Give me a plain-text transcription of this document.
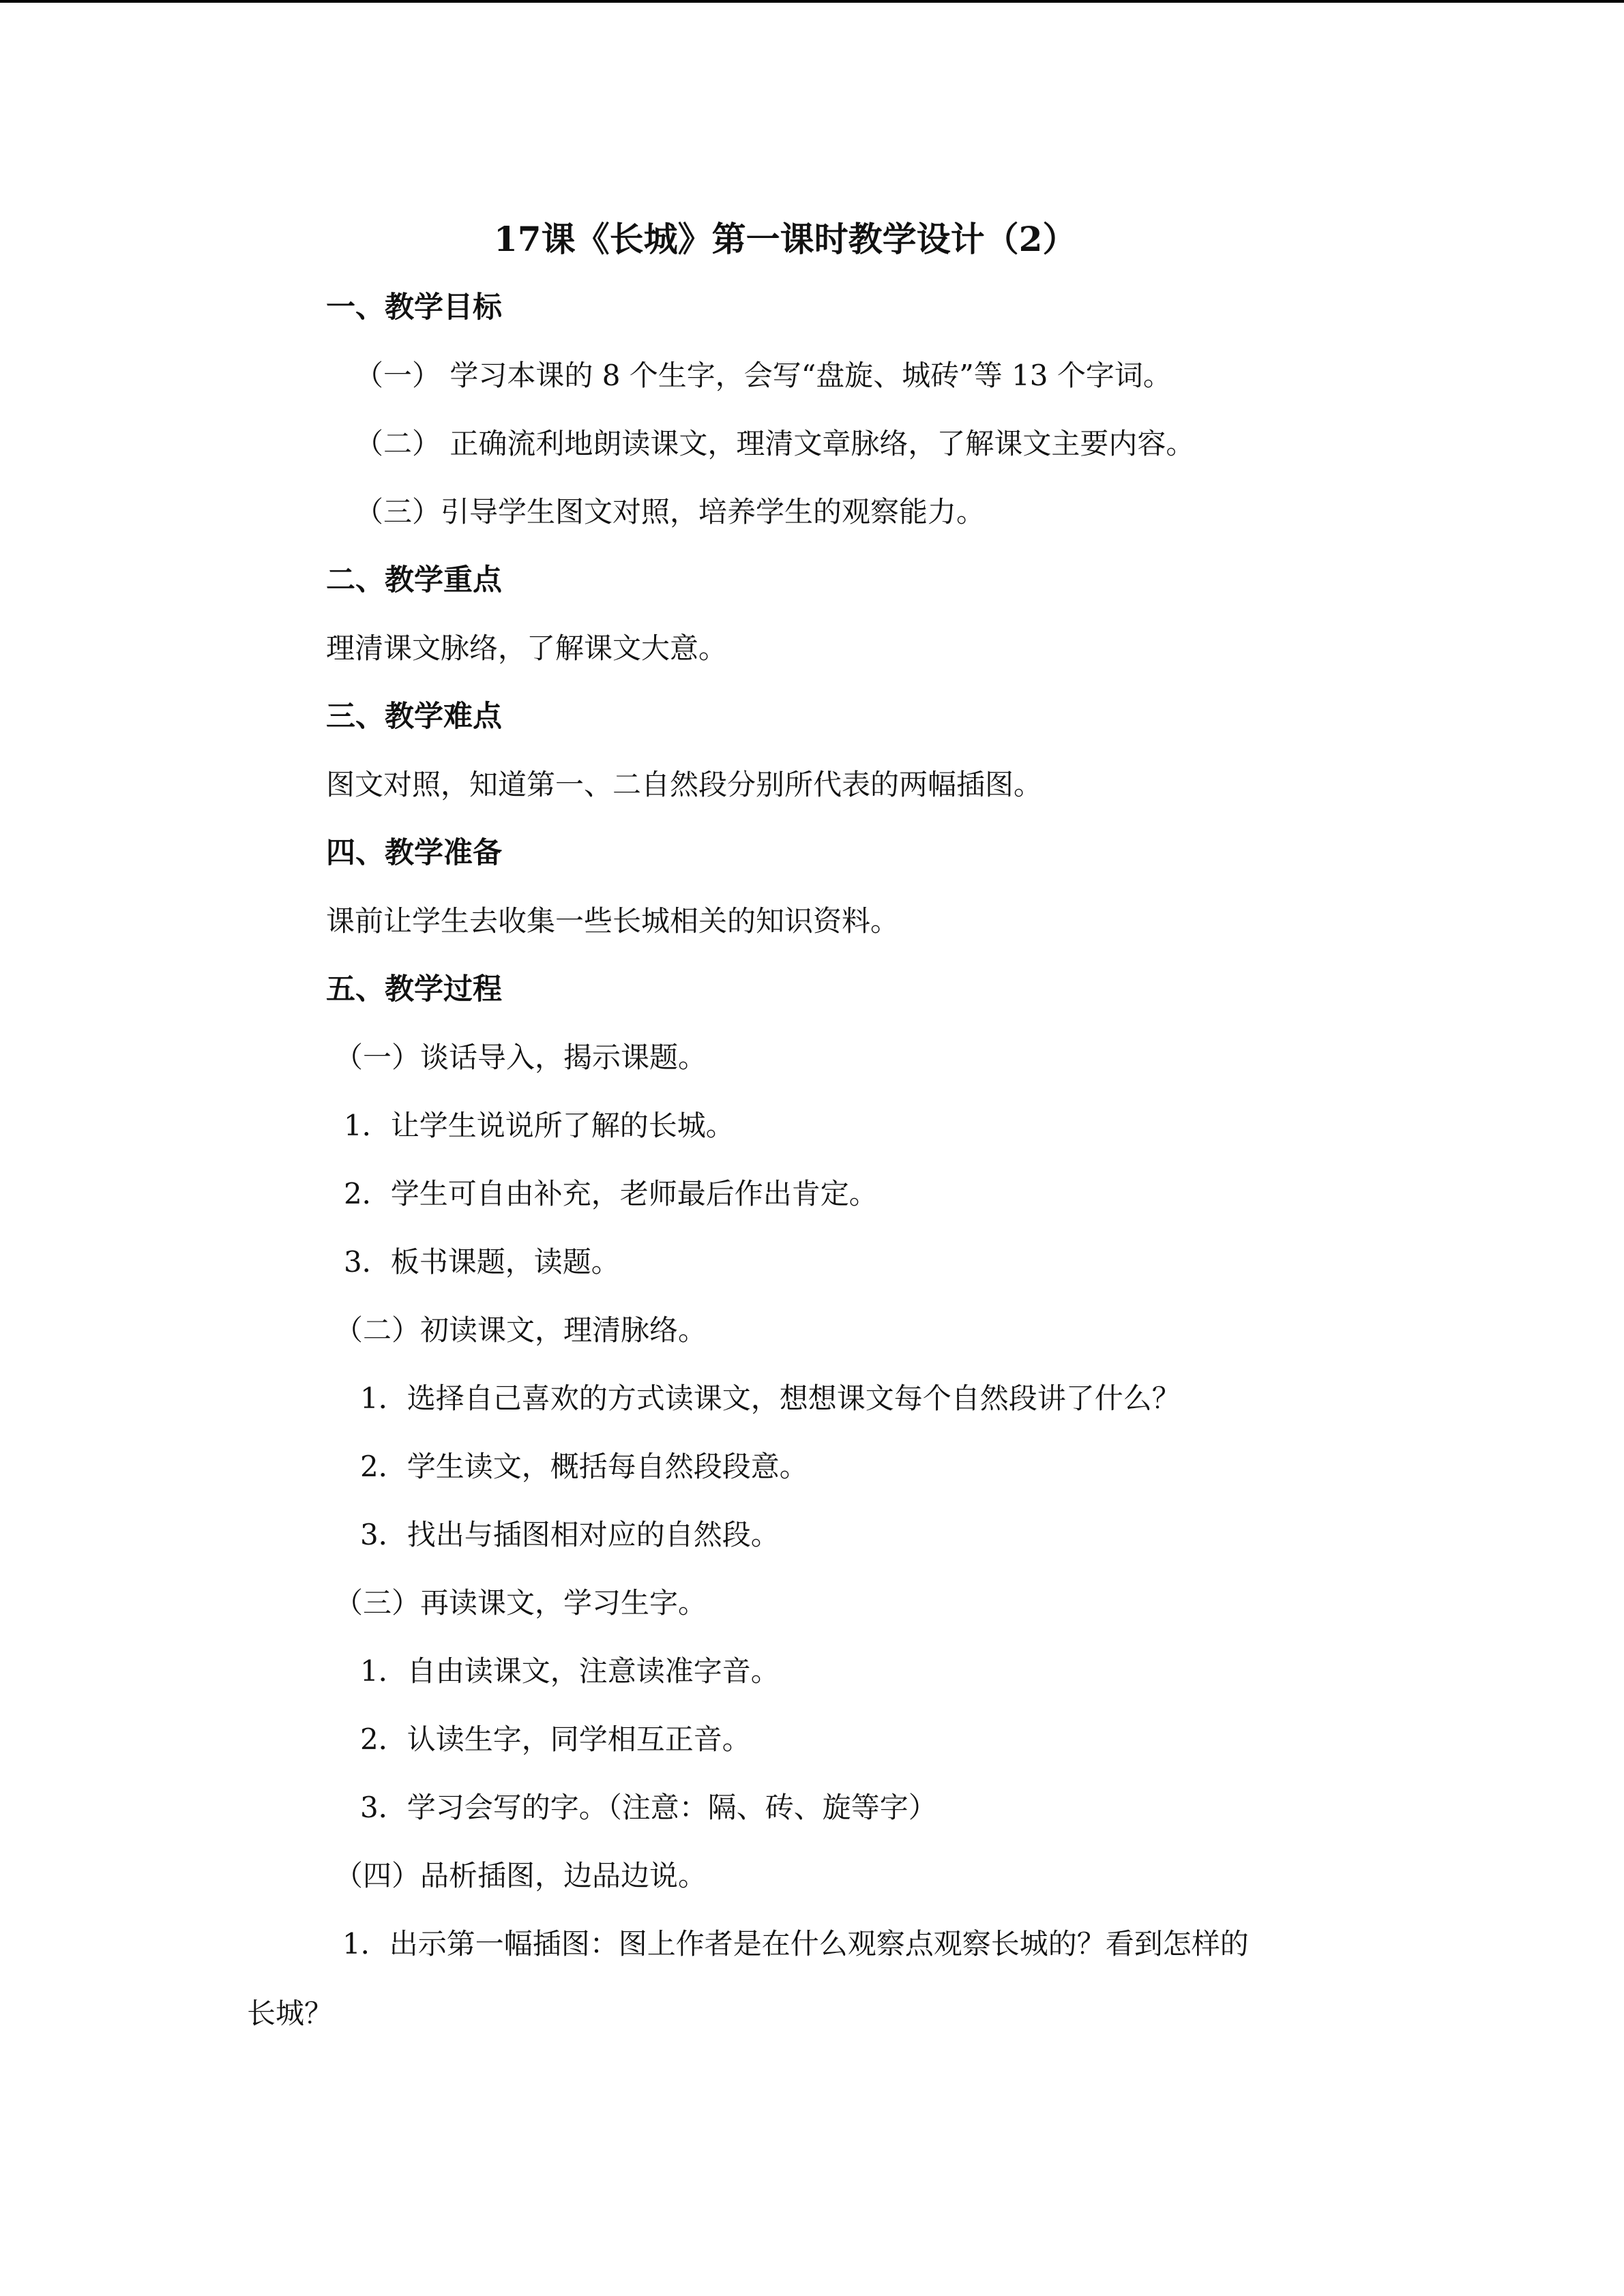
17课《长城》第一课时教学设计（2）
一、教学目标
（一） 学习本课的 8 个生字，会写“盘旋、城砖”等 13 个字词。
（二） 正确流利地朗读课文，理清文章脉络，了解课文主要内容。
（三）引导学生图文对照，培养学生的观察能力。
二、教学重点
理清课文脉络，了解课文大意。
三、教学难点
图文对照，知道第一、二自然段分别所代表的两幅插图。
四、教学准备
课前让学生去收集一些长城相关的知识资料。
五、教学过程
（一）谈话导入，揭示课题。
1．让学生说说所了解的长城。
2．学生可自由补充，老师最后作出肯定。
3．板书课题，读题。
（二）初读课文，理清脉络。
1．选择自己喜欢的方式读课文，想想课文每个自然段讲了什么？
2．学生读文，概括每自然段段意。
3．找出与插图相对应的自然段。
（三）再读课文，学习生字。
1．自由读课文，注意读准字音。
2．认读生字，同学相互正音。
3．学习会写的字。（注意：隔、砖、旋等字）
（四）品析插图，边品边说。
1．出示第一幅插图：图上作者是在什么观察点观察长城的？看到怎样的
长城？
